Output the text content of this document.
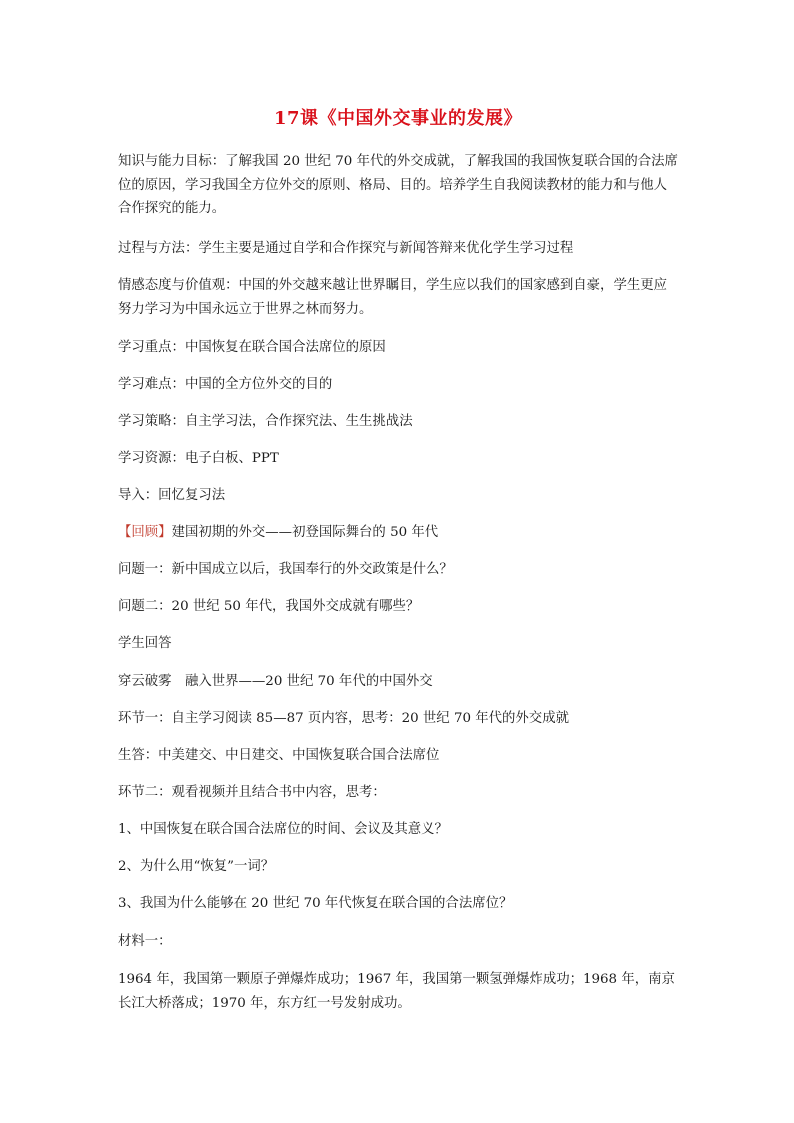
17课《中国外交事业的发展》
知识与能力目标：了解我国 20 世纪 70 年代的外交成就，了解我国的我国恢复联合国的合法席位的原因，学习我国全方位外交的原则、格局、目的。培养学生自我阅读教材的能力和与他人合作探究的能力。
过程与方法：学生主要是通过自学和合作探究与新闻答辩来优化学生学习过程
情感态度与价值观：中国的外交越来越让世界瞩目，学生应以我们的国家感到自豪，学生更应努力学习为中国永远立于世界之林而努力。
学习重点：中国恢复在联合国合法席位的原因
学习难点：中国的全方位外交的目的
学习策略：自主学习法，合作探究法、生生挑战法
学习资源：电子白板、PPT
导入：回忆复习法
【回顾】建国初期的外交——初登国际舞台的 50 年代
问题一：新中国成立以后，我国奉行的外交政策是什么？
问题二：20 世纪 50 年代，我国外交成就有哪些？
学生回答
穿云破雾　融入世界——20 世纪 70 年代的中国外交
环节一：自主学习阅读 85—87 页内容，思考：20 世纪 70 年代的外交成就
生答：中美建交、中日建交、中国恢复联合国合法席位
环节二：观看视频并且结合书中内容，思考：
1、中国恢复在联合国合法席位的时间、会议及其意义？
2、为什么用“恢复”一词？
3、我国为什么能够在 20 世纪 70 年代恢复在联合国的合法席位？
材料一：
1964 年，我国第一颗原子弹爆炸成功；1967 年，我国第一颗氢弹爆炸成功；1968 年，南京长江大桥落成；1970 年，东方红一号发射成功。
